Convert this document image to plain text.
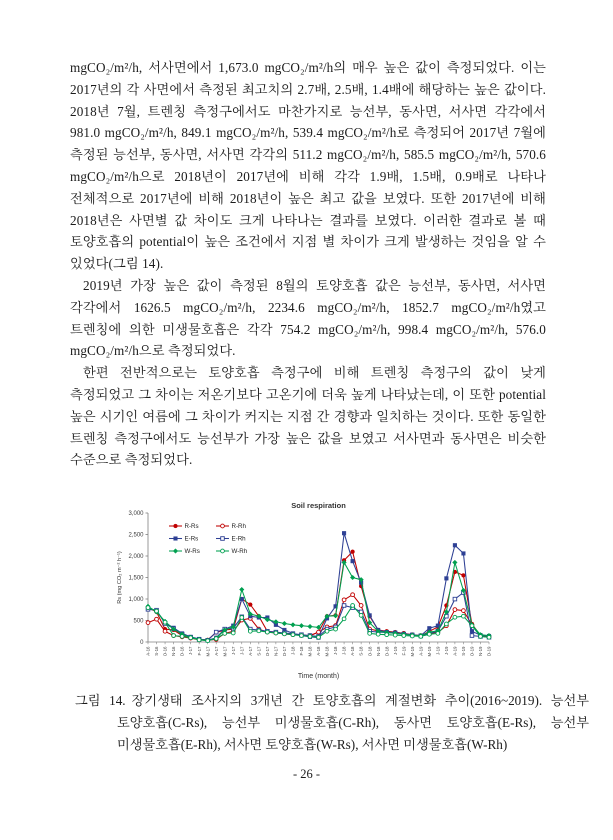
mgCO₂/m²/h, 서사면에서 1,673.0 mgCO₂/m²/h의 매우 높은 값이 측정되었다. 이는 2017년의 각 사면에서 측정된 최고치의 2.7배, 2.5배, 1.4배에 해당하는 높은 값이다. 2018년 7월, 트렌칭 측정구에서도 마찬가지로 능선부, 동사면, 서사면 각각에서 981.0 mgCO₂/m²/h, 849.1 mgCO₂/m²/h, 539.4 mgCO₂/m²/h로 측정되어 2017년 7월에 측정된 능선부, 동사면, 서사면 각각의 511.2 mgCO₂/m²/h, 585.5 mgCO₂/m²/h, 570.6 mgCO₂/m²/h으로 2018년이 2017년에 비해 각각 1.9배, 1.5배, 0.9배로 나타나 전체적으로 2017년에 비해 2018년이 높은 최고 값을 보였다. 또한 2017년에 비해 2018년은 사면별 값 차이도 크게 나타나는 결과를 보였다. 이러한 결과로 볼 때 토양호흡의 potential이 높은 조건에서 지점 별 차이가 크게 발생하는 것임을 알 수 있었다(그림 14).

2019년 가장 높은 값이 측정된 8월의 토양호흡 값은 능선부, 동사면, 서사면 각각에서 1626.5 mgCO₂/m²/h, 2234.6 mgCO₂/m²/h, 1852.7 mgCO₂/m²/h였고 트렌칭에 의한 미생물호흡은 각각 754.2 mgCO₂/m²/h, 998.4 mgCO₂/m²/h, 576.0 mgCO₂/m²/h으로 측정되었다.

한편 전반적으로는 토양호흡 측정구에 비해 트렌칭 측정구의 값이 낮게 측정되었고 그 차이는 저온기보다 고온기에 더욱 높게 나타났는데, 이 또한 potential 높은 시기인 여름에 그 차이가 커지는 지점 간 경향과 일치하는 것이다. 또한 동일한 트렌칭 측정구에서도 능선부가 가장 높은 값을 보였고 서사면과 동사면은 비슷한 수준으로 측정되었다.

Soil respiration
0
500
1,000
1,500
2,000
2,500
3,000
A-16 S-16 O-16 N-16 D-16 J-17 F-17 M-17 A-17 M-17 J-17 J-17 A-17 S-17 O-17 N-17 D-17 J-18 F-18 M-18 A-18 M-18 J-18 J-18 A-18 S-18 O-18 N-18 D-18 J-19 F-19 M-19 A-19 M-19 J-19 J-19 A-19 S-19 O-19 N-19 D-19
Time (month)
Rs (mg CO₂ m⁻² h⁻¹)
R-Rs	R-Rh
E-Rs	E-Rh
W-Rs	W-Rh
그림 14. 장기생태 조사지의 3개년 간 토양호흡의 계절변화 추이(2016~2019). 능선부 토양호흡(C-Rs), 능선부 미생물호흡(C-Rh), 동사면 토양호흡(E-Rs), 능선부 미생물호흡(E-Rh), 서사면 토양호흡(W-Rs), 서사면 미생물호흡(W-Rh)
- 26 -
